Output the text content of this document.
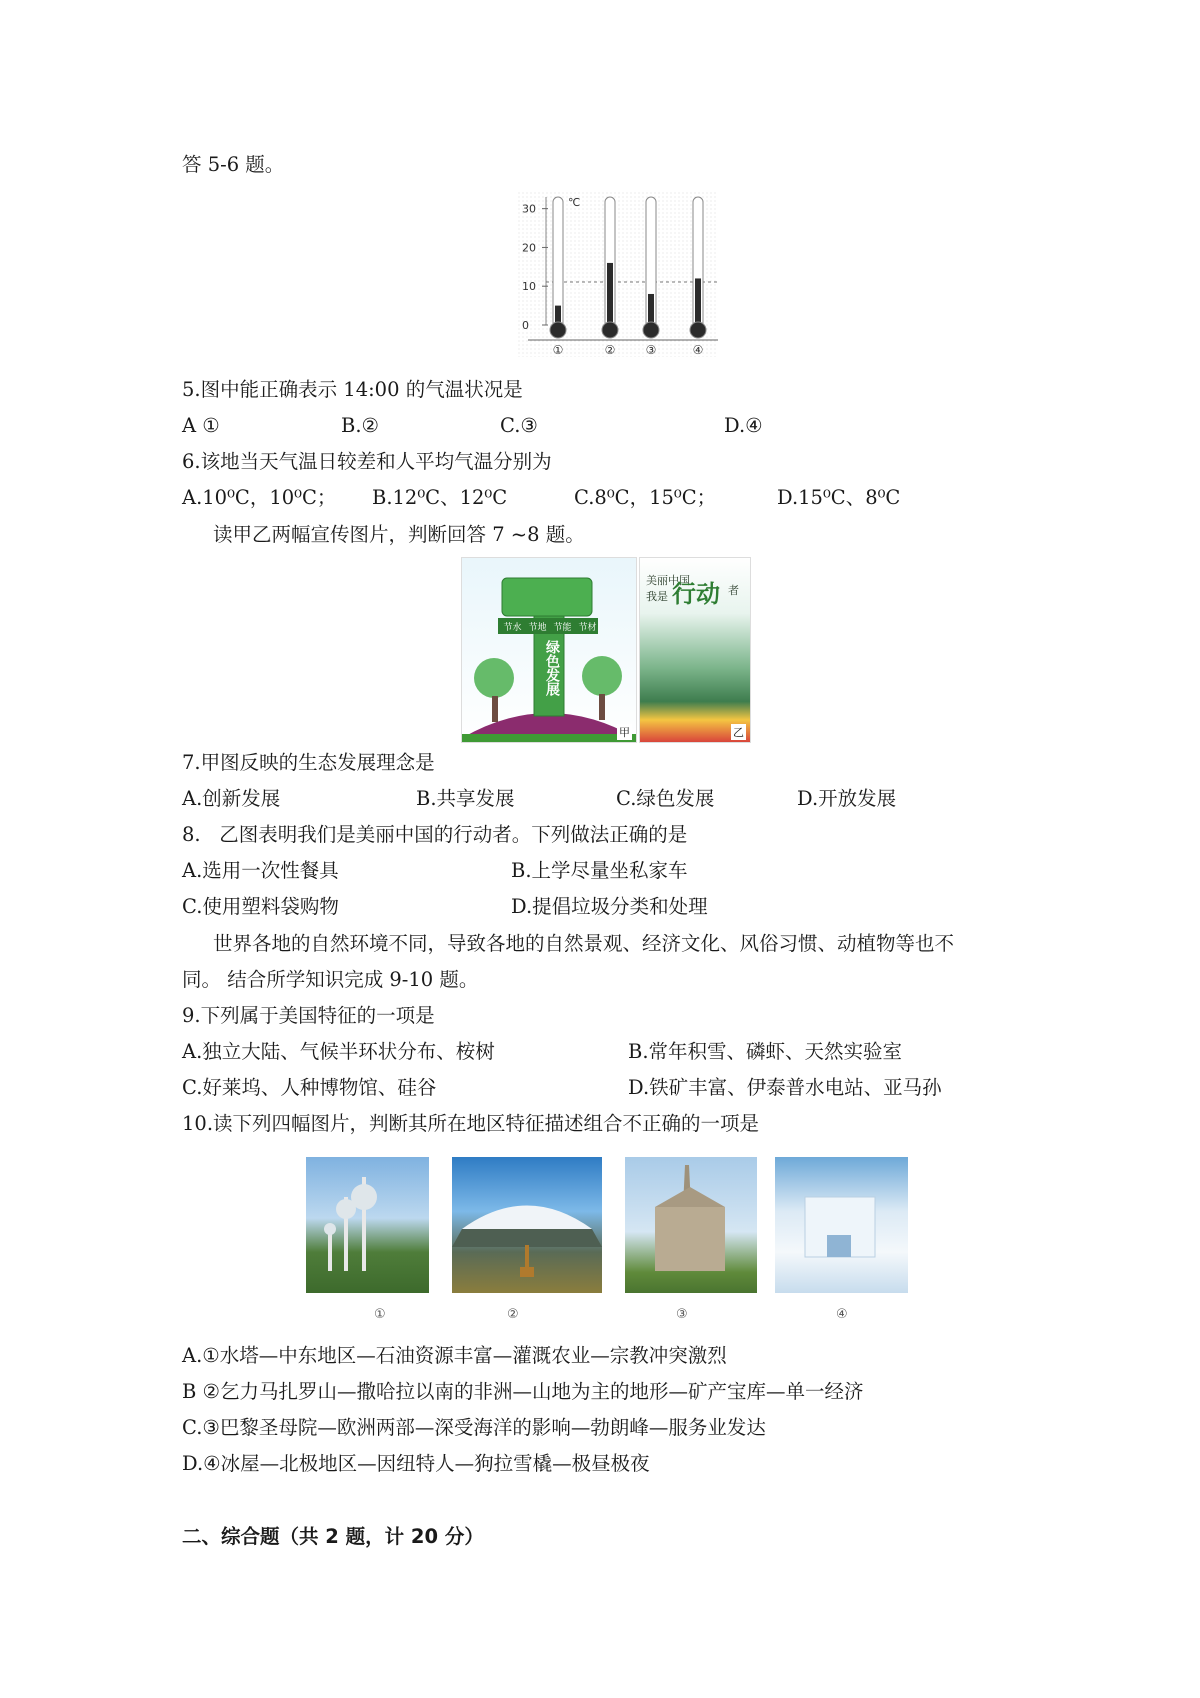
答 5-6 题。
30
20
10
0
℃
①	②	③	④
5.图中能正确表示 14:00 的气温状况是
A ①	B.②	C.③	D.④
6.该地当天气温日较差和人平均气温分别为
A.10⁰C，10⁰C； B.12⁰C、12⁰C	C.8⁰C，15⁰C；	D.15⁰C、8⁰C
读甲乙两幅宣传图片，判断回答 7 ~8 题。
节水 节地 节能 节材
绿色发展
甲
美丽中国
我是 行动 者
乙
7.甲图反映的生态发展理念是
A.创新发展	B.共享发展	C.绿色发展	D.开放发展
8.   乙图表明我们是美丽中国的行动者。下列做法正确的是
A.选用一次性餐具	B.上学尽量坐私家车
C.使用塑料袋购物	D.提倡垃圾分类和处理
世界各地的自然环境不同，导致各地的自然景观、经济文化、风俗习惯、动植物等也不
同。 结合所学知识完成 9-10 题。
9.下列属于美国特征的一项是
A.独立大陆、气候半环状分布、桉树	B.常年积雪、磷虾、天然实验室
C.好莱坞、人种博物馆、硅谷	D.铁矿丰富、伊泰普水电站、亚马孙
10.读下列四幅图片，判断其所在地区特征描述组合不正确的一项是
①	②	③	④
A.①水塔—中东地区—石油资源丰富—灌溉农业—宗教冲突激烈
B ②乞力马扎罗山—撒哈拉以南的非洲—山地为主的地形—矿产宝库—单一经济
C.③巴黎圣母院—欧洲两部—深受海洋的影响—勃朗峰—服务业发达
D.④冰屋—北极地区—因纽特人—狗拉雪橇—极昼极夜
二、综合题（共 2 题，计 20 分）
